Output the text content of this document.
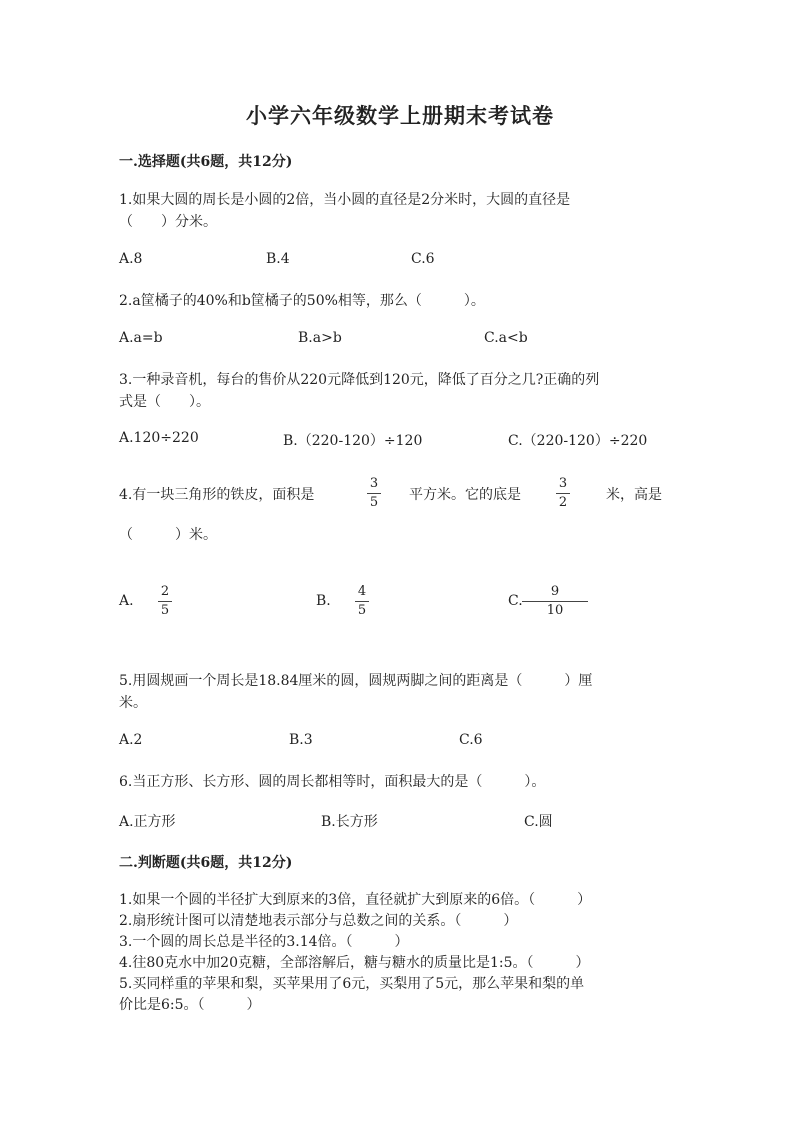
小学六年级数学上册期末考试卷
一.选择题(共6题，共12分)
1.如果大圆的周长是小圆的2倍，当小圆的直径是2分米时，大圆的直径是
（　　）分米。
A.8	B.4	C.6
2.a筐橘子的40%和b筐橘子的50%相等，那么（　　　）。
A.a=b	B.a>b	C.a<b
3.一种录音机，每台的售价从220元降低到120元，降低了百分之几?正确的列
式是（　　）。
A.120÷220	B.（220-120）÷120	C.（220-120）÷220
4.有一块三角形的铁皮，面积是
3
5 平方米。它的底是
3
2	米，高是
（　　　）米。
A.
2
5
B.
4
5
C.
9
10
5.用圆规画一个周长是18.84厘米的圆，圆规两脚之间的距离是（　　　）厘
米。
A.2	B.3	C.6
6.当正方形、长方形、圆的周长都相等时，面积最大的是（　　　）。
A.正方形	B.长方形	C.圆
二.判断题(共6题，共12分)
1.如果一个圆的半径扩大到原来的3倍，直径就扩大到原来的6倍。（　　　）
2.扇形统计图可以清楚地表示部分与总数之间的关系。（　　　）
3.一个圆的周长总是半径的3.14倍。（　　　）
4.往80克水中加20克糖，全部溶解后，糖与糖水的质量比是1:5。（　　　）
5.买同样重的苹果和梨，买苹果用了6元，买梨用了5元，那么苹果和梨的单
价比是6:5。（　　　）
